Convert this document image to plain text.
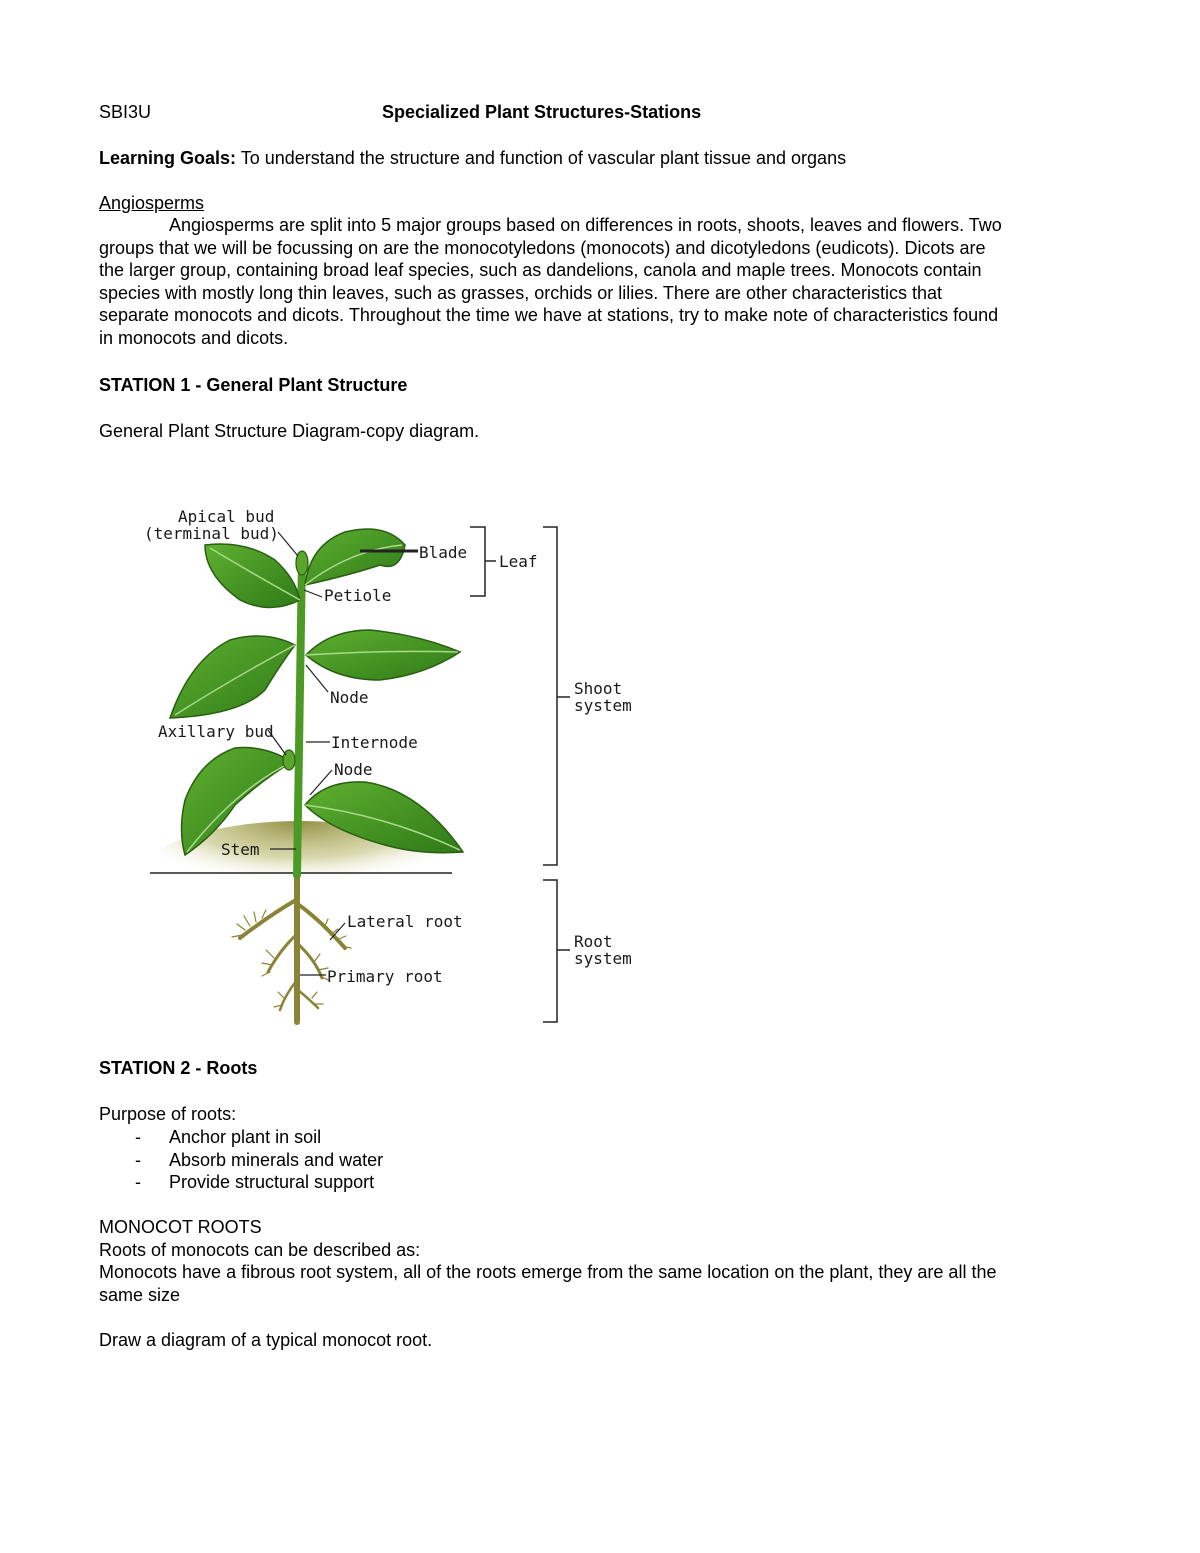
SBI3U	Specialized Plant Structures-Stations
Learning Goals: To understand the structure and function of vascular plant tissue and organs
Angiosperms
Angiosperms are split into 5 major groups based on differences in roots, shoots, leaves and flowers. Two
groups that we will be focussing on are the monocotyledons (monocots) and dicotyledons (eudicots). Dicots are
the larger group, containing broad leaf species, such as dandelions, canola and maple trees. Monocots contain
species with mostly long thin leaves, such as grasses, orchids or lilies. There are other characteristics that
separate monocots and dicots. Throughout the time we have at stations, try to make note of characteristics found
in monocots and dicots.
STATION 1 - General Plant Structure
General Plant Structure Diagram-copy diagram.
Apical bud
(terminal bud)
Blade Leaf
Petiole
Node	Shoot
system
Axillary bud
Internode
Node
Stem
Lateral root
Root
system
Primary root
STATION 2 - Roots
Purpose of roots:
- Anchor plant in soil
- Absorb minerals and water
- Provide structural support
MONOCOT ROOTS
Roots of monocots can be described as:
Monocots have a fibrous root system, all of the roots emerge from the same location on the plant, they are all the
same size
Draw a diagram of a typical monocot root.
